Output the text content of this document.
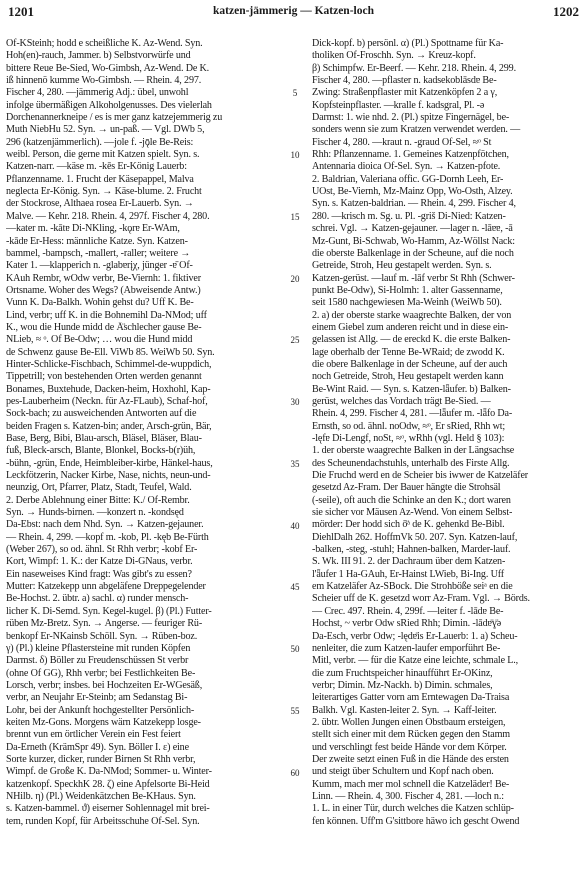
1201	katzen-jämmerig — Katzen-loch	1202
Of-KSteinh; hodd e scheißliche K. Az-Wend. Syn.
Hoh(en)-rauch, Jammer. b) Selbstvorwürfe und
bittere Reue Be-Sied, Wo-Gimbsh, Az-Wend. De K.
iß hinnenö kumme Wo-Gimbsh. — Rhein. 4, 297.
Fischer 4, 280. —jämmerig Adj.: übel, unwohl
infolge übermäßigen Alkoholgenusses. Des vielerlah
Dorchenannerkneipe / es is mer ganz katzejemmerig zu
Muth NiebHu 52. Syn. → un-paß. — Vgl. DWb 5,
296 (katzenjämmerlich). —jole f. -jǭle Be-Reis:
weibl. Person, die gerne mit Katzen spielt. Syn. s.
Katzen-narr. —käse m. -kēs Er-König Lauerb:
Pflanzenname. 1. Frucht der Käsepappel, Malva
neglecta Er-König. Syn. → Käse-blume. 2. Frucht
der Stockrose, Althaea rosea Er-Lauerb. Syn. →
Malve. — Kehr. 218. Rhein. 4, 297f. Fischer 4, 280.
—kater m. -kātɐ Di-NKling, -kǫrɐ Er-WAm,
-kādɐ Er-Hess: männliche Katze. Syn. Katzen-
bammel, -bampsch, -mallert, -raller; weitere →
Kater 1. —klapperich n. -glabɐrįχ, jünger -ɐ̄ Of-
KAuh Rembr, wOdw verbr, Be-Viernh: 1. fiktiver
Ortsname. Woher des Wegs? (Abweisende Antw.)
Vunn K. Da-Balkh. Wohin gehst du? Uff K. Be-
Lind, verbr; uff K. in die Bohnemihl Da-NMod; uff
K., wou die Hunde midd de Ä̈schlecher gause Be-
NLieb, ≈ ᵒ. Of Be-Odw; … wou die Hund midd
de Schwenz gause Be-Ell. ViWb 85. WeiWb 50. Syn.
Hinter-Schlicke-Fischbach, Schimmel-de-wuppdich,
Tippetrill; von bestehenden Orten werden genannt
Bonames, Buxtehude, Dacken-heim, Hoxhohl, Kap-
pes-Lauberheim (Neckn. für Az-FLaub), Schaf-hof,
Sock-bach; zu ausweichenden Antworten auf die
beiden Fragen s. Katzen-bin; ander, Arsch-grün, Bär,
Base, Berg, Bibi, Blau-arsch, Bläsel, Bläser, Blau-
fuß, Bleck-arsch, Blante, Blonkel, Bocks-b(r)üh,
-bühn, -grün, Ende, Heimbleiber-kirbe, Hänkel-haus,
Leckfötzerin, Nacker Kirbe, Nase, nichts, neun-und-
neunzig, Ort, Pfarrer, Platz, Stadt, Teufel, Wald.
2. Derbe Ablehnung einer Bitte: K./ Of-Rembr.
Syn. → Hunds-birnen. —konzert n. -kondsęd
Da-Ebst: nach dem Nhd. Syn. → Katzen-gejauner.
— Rhein. 4, 299. —kopf m. -kob, Pl. -kęb Be-Fürth
(Weber 267), so od. ähnl. St Rhh verbr; -kobf Er-
Kort, Wimpf: 1. K.: der Katze Di-GNaus, verbr.
Ein naseweises Kind fragt: Was gibt's zu essen?
Mutter: Katzekepp unn abgeläfene Dreppegelender
Be-Hochst. 2. übtr. a) sachl. α) runder mensch-
licher K. Di-Semd. Syn. Kegel-kugel. β) (Pl.) Futter-
rüben Mz-Bretz. Syn. → Angerse. — feuriger Rü-
benkopf Er-NKainsb Schöll. Syn. → Rüben-boz.
γ) (Pl.) kleine Pflastersteine mit runden Köpfen
Darmst. δ) Böller zu Freudenschüssen St verbr
(ohne Of GG), Rhh verbr; bei Festlichkeiten Be-
Lorsch, verbr; insbes. bei Hochzeiten Er-WGesäß,
verbr, an Neujahr Er-Steinb; am Sedanstag Bi-
Lohr, bei der Ankunft hochgestellter Persönlich-
keiten Mz-Gons. Morgens wärn Katzekepp losge-
brennt vun em örtlicher Verein ein Fest feiert
Da-Erneth (KrämSpr 49). Syn. Böller I. ε) eine
Sorte kurzer, dicker, runder Birnen St Rhh verbr,
Wimpf. de Große K. Da-NMod; Sommer- u. Winter-
katzenkopf. SpeckhK 28. ζ) eine Apfelsorte Bi-Heid
NHilb. η) (Pl.) Weidenkätzchen Be-KHaus. Syn.
s. Katzen-bammel. ϑ) eiserner Sohlennagel mit brei-
tem, runden Kopf, für Arbeitsschuhe Of-Sel. Syn.
5
10
15
20
25
30
35
40
45
50
55
60
Dick-kopf. b) persönl. α) (Pl.) Spottname für Ka-
tholiken Of-Froschh. Syn. → Kreuz-kopf.
β) Schimpfw. Er-Beerf. — Kehr. 218. Rhein. 4, 299.
Fischer 4, 280. —pflaster n. kadsekoblāsdɐ Be-
Zwing: Straßenpflaster mit Katzenköpfen 2 a γ,
Kopfsteinpflaster. —kralle f. kadsgral, Pl. -ə
Darmst: 1. wie nhd. 2. (Pl.) spitze Fingernägel, be-
sonders wenn sie zum Kratzen verwendet werden. —
Fischer 4, 280. —kraut n. -graud Of-Sel, ≈ᵒ St
Rhh: Pflanzenname. 1. Gemeines Katzenpfötchen,
Antennaria dioica Of-Sel. Syn. → Katzen-pfote.
2. Baldrian, Valeriana offic. GG-Dornh Leeh, Er-
UOst, Be-Viernh, Mz-Mainz Opp, Wo-Osth, Alzey.
Syn. s. Katzen-baldrian. — Rhein. 4, 299. Fischer 4,
280. —krisch m. Sg. u. Pl. -griš Di-Nied: Katzen-
schrei. Vgl. → Katzen-gejauner. —lager n. -lāɐɐ, -ā
Mz-Gunt, Bi-Schwab, Wo-Hamm, Az-Wöllst Nack:
die oberste Balkenlage in der Scheune, auf die noch
Getreide, Stroh, Heu gestapelt werden. Syn. s.
Katzen-gerüst. —lauf m. -lāf verbr St Rhh (Schwer-
punkt Be-Odw), Si-Holmh: 1. alter Gassenname,
seit 1580 nachgewiesen Ma-Weinh (WeiWb 50).
2. a) der oberste starke waagrechte Balken, der von
einem Giebel zum anderen reicht und in diese ein-
gelassen ist Allg. — de ereckd K. die erste Balken-
lage oberhalb der Tenne Be-WRaid; de zwodd K.
die obere Balkenlage in der Scheune, auf der auch
noch Getreide, Stroh, Heu gestapelt werden kann
Be-Wint Raid. — Syn. s. Katzen-lǟufer. b) Balken-
gerüst, welches das Vordach trägt Be-Sied. —
Rhein. 4, 299. Fischer 4, 281. —lǟufer m. -lǟfo Da-
Ernsth, so od. ähnl. noOdw, ≈ᵒ, Er sRied, Rhh wt;
-lęfɐ Di-Lengf, noSt, ≈ᵒ, wRhh (vgl. Held § 103):
1. der oberste waagrechte Balken in der Längsachse
des Scheunendachstuhls, unterhalb des Firste Allg.
Die Fruchd werd en de Scheier bis iwwer de Katzeläfer
gesetzd Az-Fram. Der Bauer hängte die Strohsäl
(-seile), oft auch die Schinke an den K.; dort waren
sie sicher vor Mäusen Az-Wend. Von einem Selbst-
mörder: Der hodd sich ō̈ᵃ de K. gehenkd Be-Bibl.
DiehlDalh 262. HoffmVk 50. 207. Syn. Katzen-lauf,
-balken, -steg, -stuhl; Hahnen-balken, Marder-lauf.
S. Wk. III 91. 2. der Dachraum über dem Katzen-
l'ǟufer 1 Ha-GAuh, Er-Hainst LWieb, Bi-Ing. Uff
em Katzeläfer Az-SBock. Die Strohböße seiᵃ en die
Scheier uff de K. gesetzd worr Az-Fram. Vgl. → Börds.
— Crec. 497. Rhein. 4, 299f. —leiter f. -lādɐ Be-
Hochst, ~ verbr Odw sRied Rhh; Dimin. -lādɐ̈ɣ̈ə
Da-Esch, verbr Odw; -lędɐ̈is Er-Lauerb: 1. a) Scheu-
nenleiter, die zum Katzen-laufer emporführt Be-
Mitl, verbr. — für die Katze eine leichte, schmale L.,
die zum Fruchtspeicher hinaufführt Er-OKinz,
verbr; Dimin. Mz-Nackh. b) Dimin. schmales,
leiterartiges Gatter vorn am Erntewagen Da-Traisa
Balkh. Vgl. Kasten-leiter 2. Syn. → Kaff-leiter.
2. übtr. Wollen Jungen einen Obstbaum ersteigen,
stellt sich einer mit dem Rücken gegen den Stamm
und verschlingt fest beide Hände vor dem Körper.
Der zweite setzt einen Fuß in die Hände des ersten
und steigt über Schultern und Kopf nach oben.
Kumm, mach mer mol schnell die Katzeläder! Be-
Linn. — Rhein. 4, 300. Fischer 4, 281. —loch n.:
1. L. in einer Tür, durch welches die Katzen schlüp-
fen können. Uff'm G'sittbore häwo ich gescht Owend
